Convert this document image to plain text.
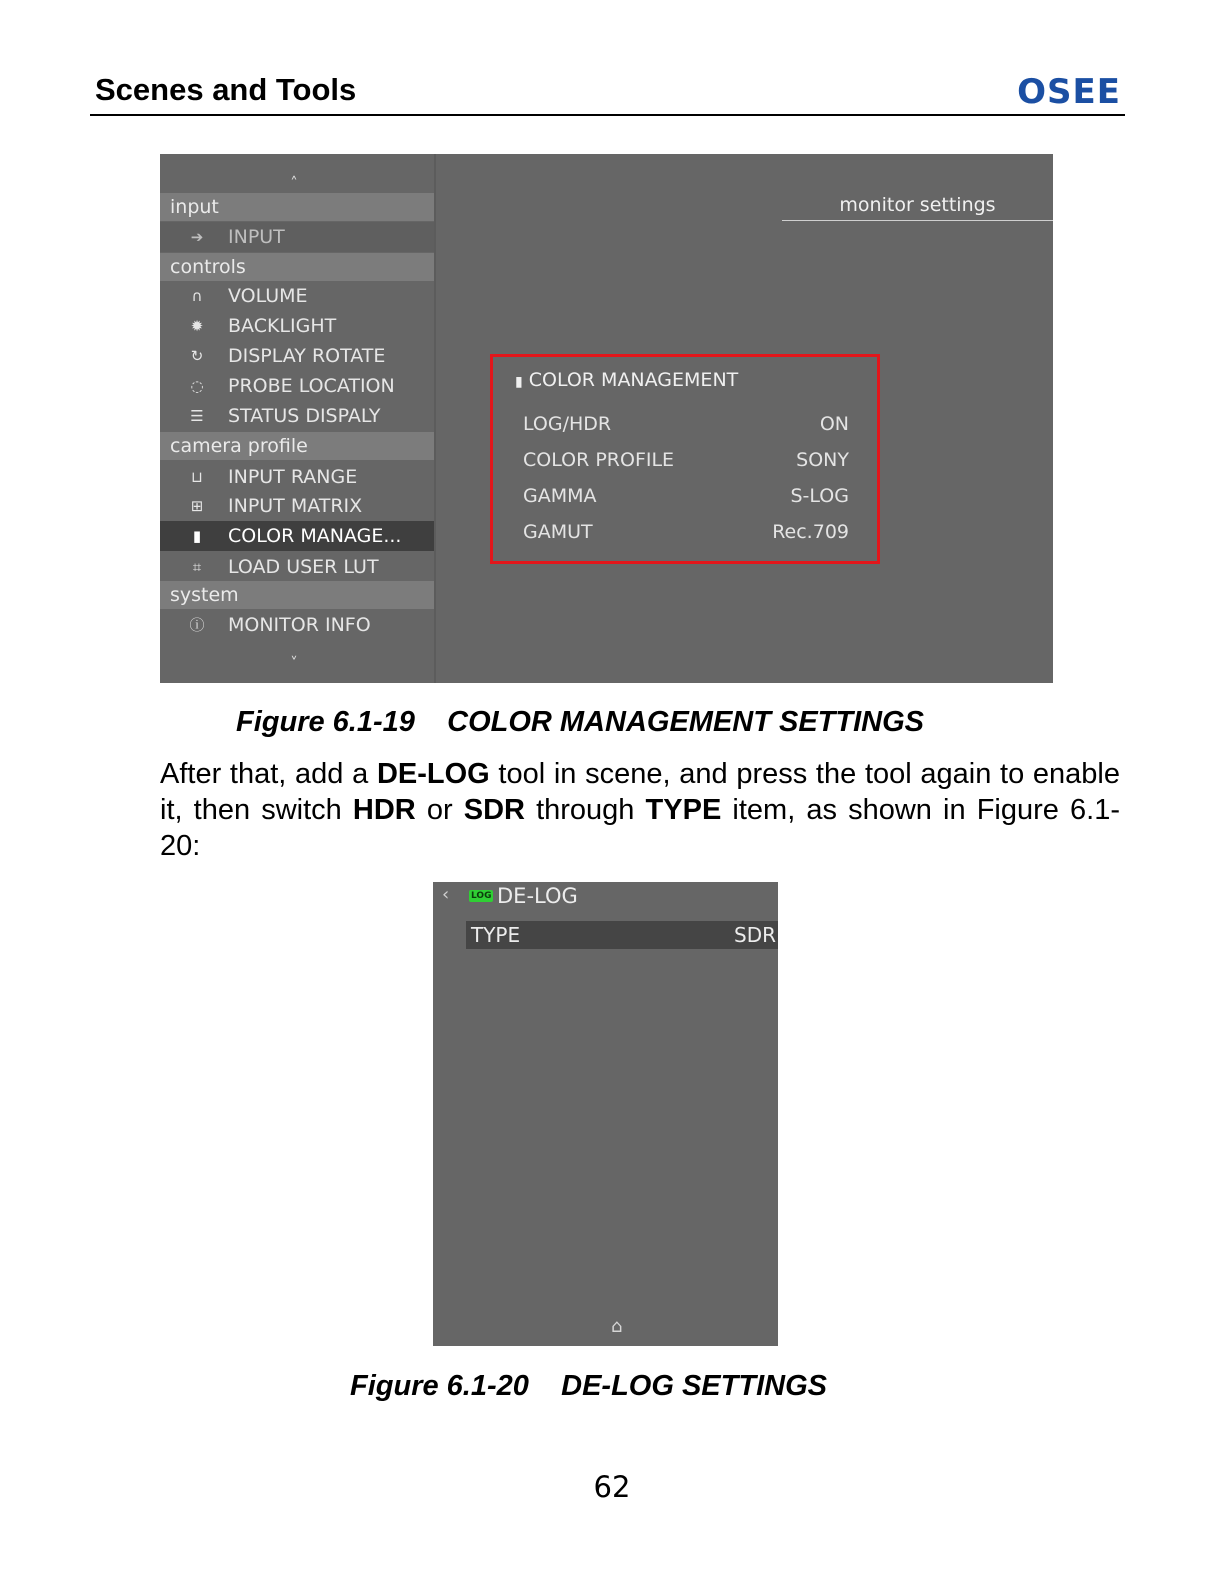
Scenes and Tools	OSEE
˄
input
➔ INPUT
controls
∩ VOLUME
✹ BACKLIGHT
↻ DISPLAY ROTATE
◌ PROBE LOCATION
☰ STATUS DISPALY
camera profile
⊔ INPUT RANGE
⊞ INPUT MATRIX
▮	COLOR MANAGE...
⌗	LOAD USER LUT
system
ⓘ MONITOR INFO
˅
monitor settings
▮ COLOR MANAGEMENT
LOG/HDR	ON
COLOR PROFILE	SONY
GAMMA	S-LOG
GAMUT	Rec.709
Figure 6.1-19    COLOR MANAGEMENT SETTINGS
After that, add a DE-LOG tool in scene, and press the tool again to enable it, then switch HDR or SDR through TYPE item, as shown in Figure 6.1-20:
‹ LOG DE-LOG
TYPE	SDR
⌂
Figure 6.1-20    DE-LOG SETTINGS
62
